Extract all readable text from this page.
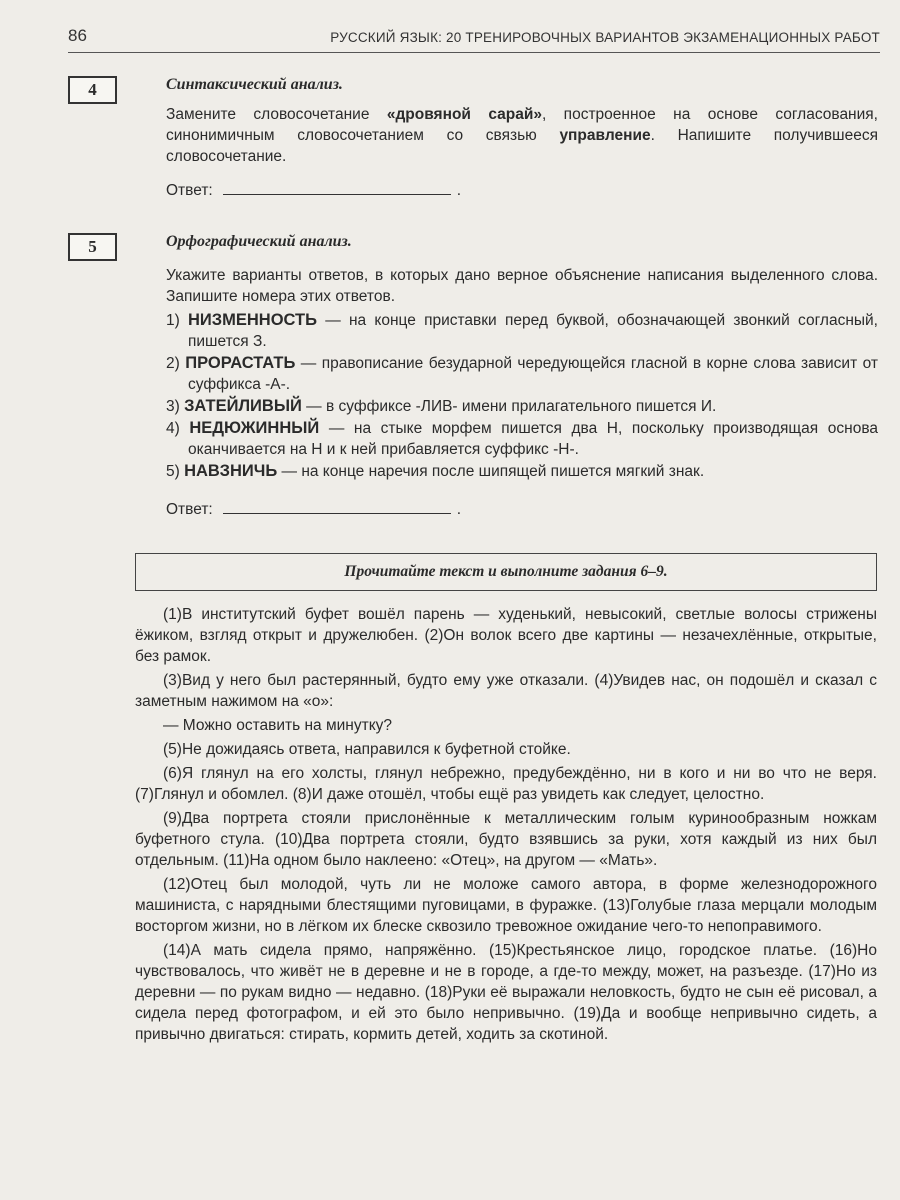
86	РУССКИЙ ЯЗЫК: 20 ТРЕНИРОВОЧНЫХ ВАРИАНТОВ ЭКЗАМЕНАЦИОННЫХ РАБОТ
4	Синтаксический анализ.
Замените словосочетание «дровяной сарай», построенное на основе согласования, синонимичным словосочетанием со связью управление. Напишите получившееся словосочетание.
Ответ:	.
5	Орфографический анализ.
Укажите варианты ответов, в которых дано верное объяснение написания выделенного слова. Запишите номера этих ответов.
1) НИЗМЕННОСТЬ — на конце приставки перед буквой, обозначающей звонкий согласный, пишется З.
2) ПРОРАСТАТЬ — правописание безударной чередующейся гласной в корне слова зависит от суффикса -А-.
3) ЗАТЕЙЛИВЫЙ — в суффиксе -ЛИВ- имени прилагательного пишется И.
4) НЕДЮЖИННЫЙ — на стыке морфем пишется два Н, поскольку производящая основа оканчивается на Н и к ней прибавляется суффикс -Н-.
5) НАВЗНИЧЬ — на конце наречия после шипящей пишется мягкий знак.
Ответ:	.
Прочитайте текст и выполните задания 6–9.

(1)В институтский буфет вошёл парень — худенький, невысокий, светлые волосы стрижены ёжиком, взгляд открыт и дружелюбен. (2)Он волок всего две картины — незачехлённые, открытые, без рамок.

(3)Вид у него был растерянный, будто ему уже отказали. (4)Увидев нас, он подошёл и сказал с заметным нажимом на «о»:

— Можно оставить на минутку?

(5)Не дожидаясь ответа, направился к буфетной стойке.

(6)Я глянул на его холсты, глянул небрежно, предубеждённо, ни в кого и ни во что не веря. (7)Глянул и обомлел. (8)И даже отошёл, чтобы ещё раз увидеть как следует, целостно.

(9)Два портрета стояли прислонённые к металлическим голым куринообразным ножкам буфетного стула. (10)Два портрета стояли, будто взявшись за руки, хотя каждый из них был отдельным. (11)На одном было наклеено: «Отец», на другом — «Мать».

(12)Отец был молодой, чуть ли не моложе самого автора, в форме железнодорожного машиниста, с нарядными блестящими пуговицами, в фуражке. (13)Голубые глаза мерцали молодым восторгом жизни, но в лёгком их блеске сквозило тревожное ожидание чего-то непоправимого.

(14)А мать сидела прямо, напряжённо. (15)Крестьянское лицо, городское платье. (16)Но чувствовалось, что живёт не в деревне и не в городе, а где-то между, может, на разъезде. (17)Но из деревни — по рукам видно — недавно. (18)Руки её выражали неловкость, будто не сын её рисовал, а сидела перед фотографом, и ей это было непривычно. (19)Да и вообще непривычно сидеть, а привычно двигаться: стирать, кормить детей, ходить за скотиной.
